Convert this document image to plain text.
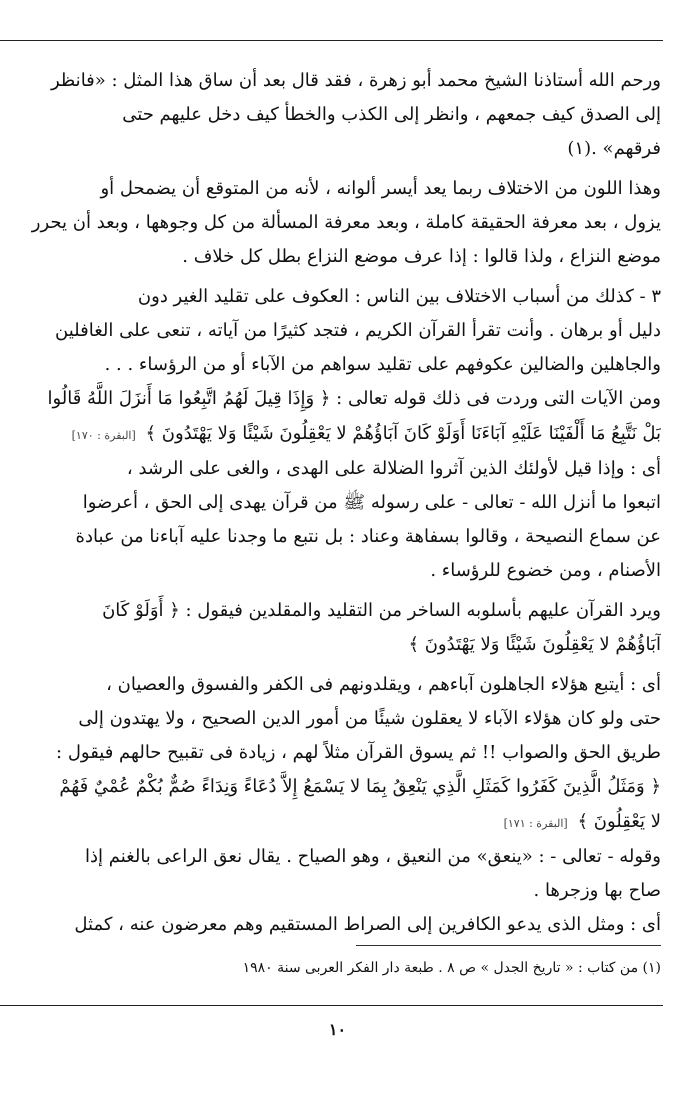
ورحم الله أستاذنا الشيخ محمد أبو زهرة ، فقد قال بعد أن ساق هذا المثل : «فانظر
إلى الصدق كيف جمعهم ، وانظر إلى الكذب والخطأ كيف دخل عليهم حتى
فرقهم» .(١)
وهذا اللون من الاختلاف ربما يعد أيسر ألوانه ، لأنه من المتوقع أن يضمحل أو
يزول ، بعد معرفة الحقيقة كاملة ، وبعد معرفة المسألة من كل وجوهها ، وبعد أن يحرر
موضع النزاع ، ولذا قالوا : إذا عرف موضع النزاع بطل كل خلاف .
٣ - كذلك من أسباب الاختلاف بين الناس : العكوف على تقليد الغير دون
دليل أو برهان . وأنت تقرأ القرآن الكريم ، فتجد كثيرًا من آياته ، تنعى على الغافلين
والجاهلين والضالين عكوفهم على تقليد سواهم من الآباء أو من الرؤساء . . .
ومن الآيات التى وردت فى ذلك قوله تعالى : ﴿ وَإِذَا قِيلَ لَهُمُ اتَّبِعُوا مَا أَنزَلَ اللَّهُ قَالُوا
بَلْ نَتَّبِعُ مَا أَلْفَيْنَا عَلَيْهِ آبَاءَنَا أَوَلَوْ كَانَ آبَاؤُهُمْ لا يَعْقِلُونَ شَيْئًا وَلا يَهْتَدُونَ ﴾ [البقرة : ١٧٠]
أى : وإذا قيل لأولئك الذين آثروا الضلالة على الهدى ، والغى على الرشد ،
اتبعوا ما أنزل الله - تعالى - على رسوله ﷺ من قرآن يهدى إلى الحق ، أعرضوا
عن سماع النصيحة ، وقالوا بسفاهة وعناد : بل نتبع ما وجدنا عليه آباءنا من عبادة
الأصنام ، ومن خضوع للرؤساء .
ويرد القرآن عليهم بأسلوبه الساخر من التقليد والمقلدين فيقول : ﴿ أَوَلَوْ كَانَ
آبَاؤُهُمْ لا يَعْقِلُونَ شَيْئًا وَلا يَهْتَدُونَ ﴾
أى : أيتبع هؤلاء الجاهلون آباءهم ، ويقلدونهم فى الكفر والفسوق والعصيان ،
حتى ولو كان هؤلاء الآباء لا يعقلون شيئًا من أمور الدين الصحيح ، ولا يهتدون إلى
طريق الحق والصواب !! ثم يسوق القرآن مثلاً لهم ، زيادة فى تقبيح حالهم فيقول :
﴿ وَمَثَلُ الَّذِينَ كَفَرُوا كَمَثَلِ الَّذِي يَنْعِقُ بِمَا لا يَسْمَعُ إِلاَّ دُعَاءً وَنِدَاءً صُمٌّ بُكْمٌ عُمْيٌ فَهُمْ
لا يَعْقِلُونَ ﴾ [البقرة : ١٧١]
وقوله - تعالى - : «ينعق» من النعيق ، وهو الصياح . يقال نعق الراعى بالغنم إذا
صاح بها وزجرها .
أى : ومثل الذى يدعو الكافرين إلى الصراط المستقيم وهم معرضون عنه ، كمثل
(١) من كتاب : « تاريخ الجدل » ص ٨ . طبعة دار الفكر العربى سنة ١٩٨٠
١٠
